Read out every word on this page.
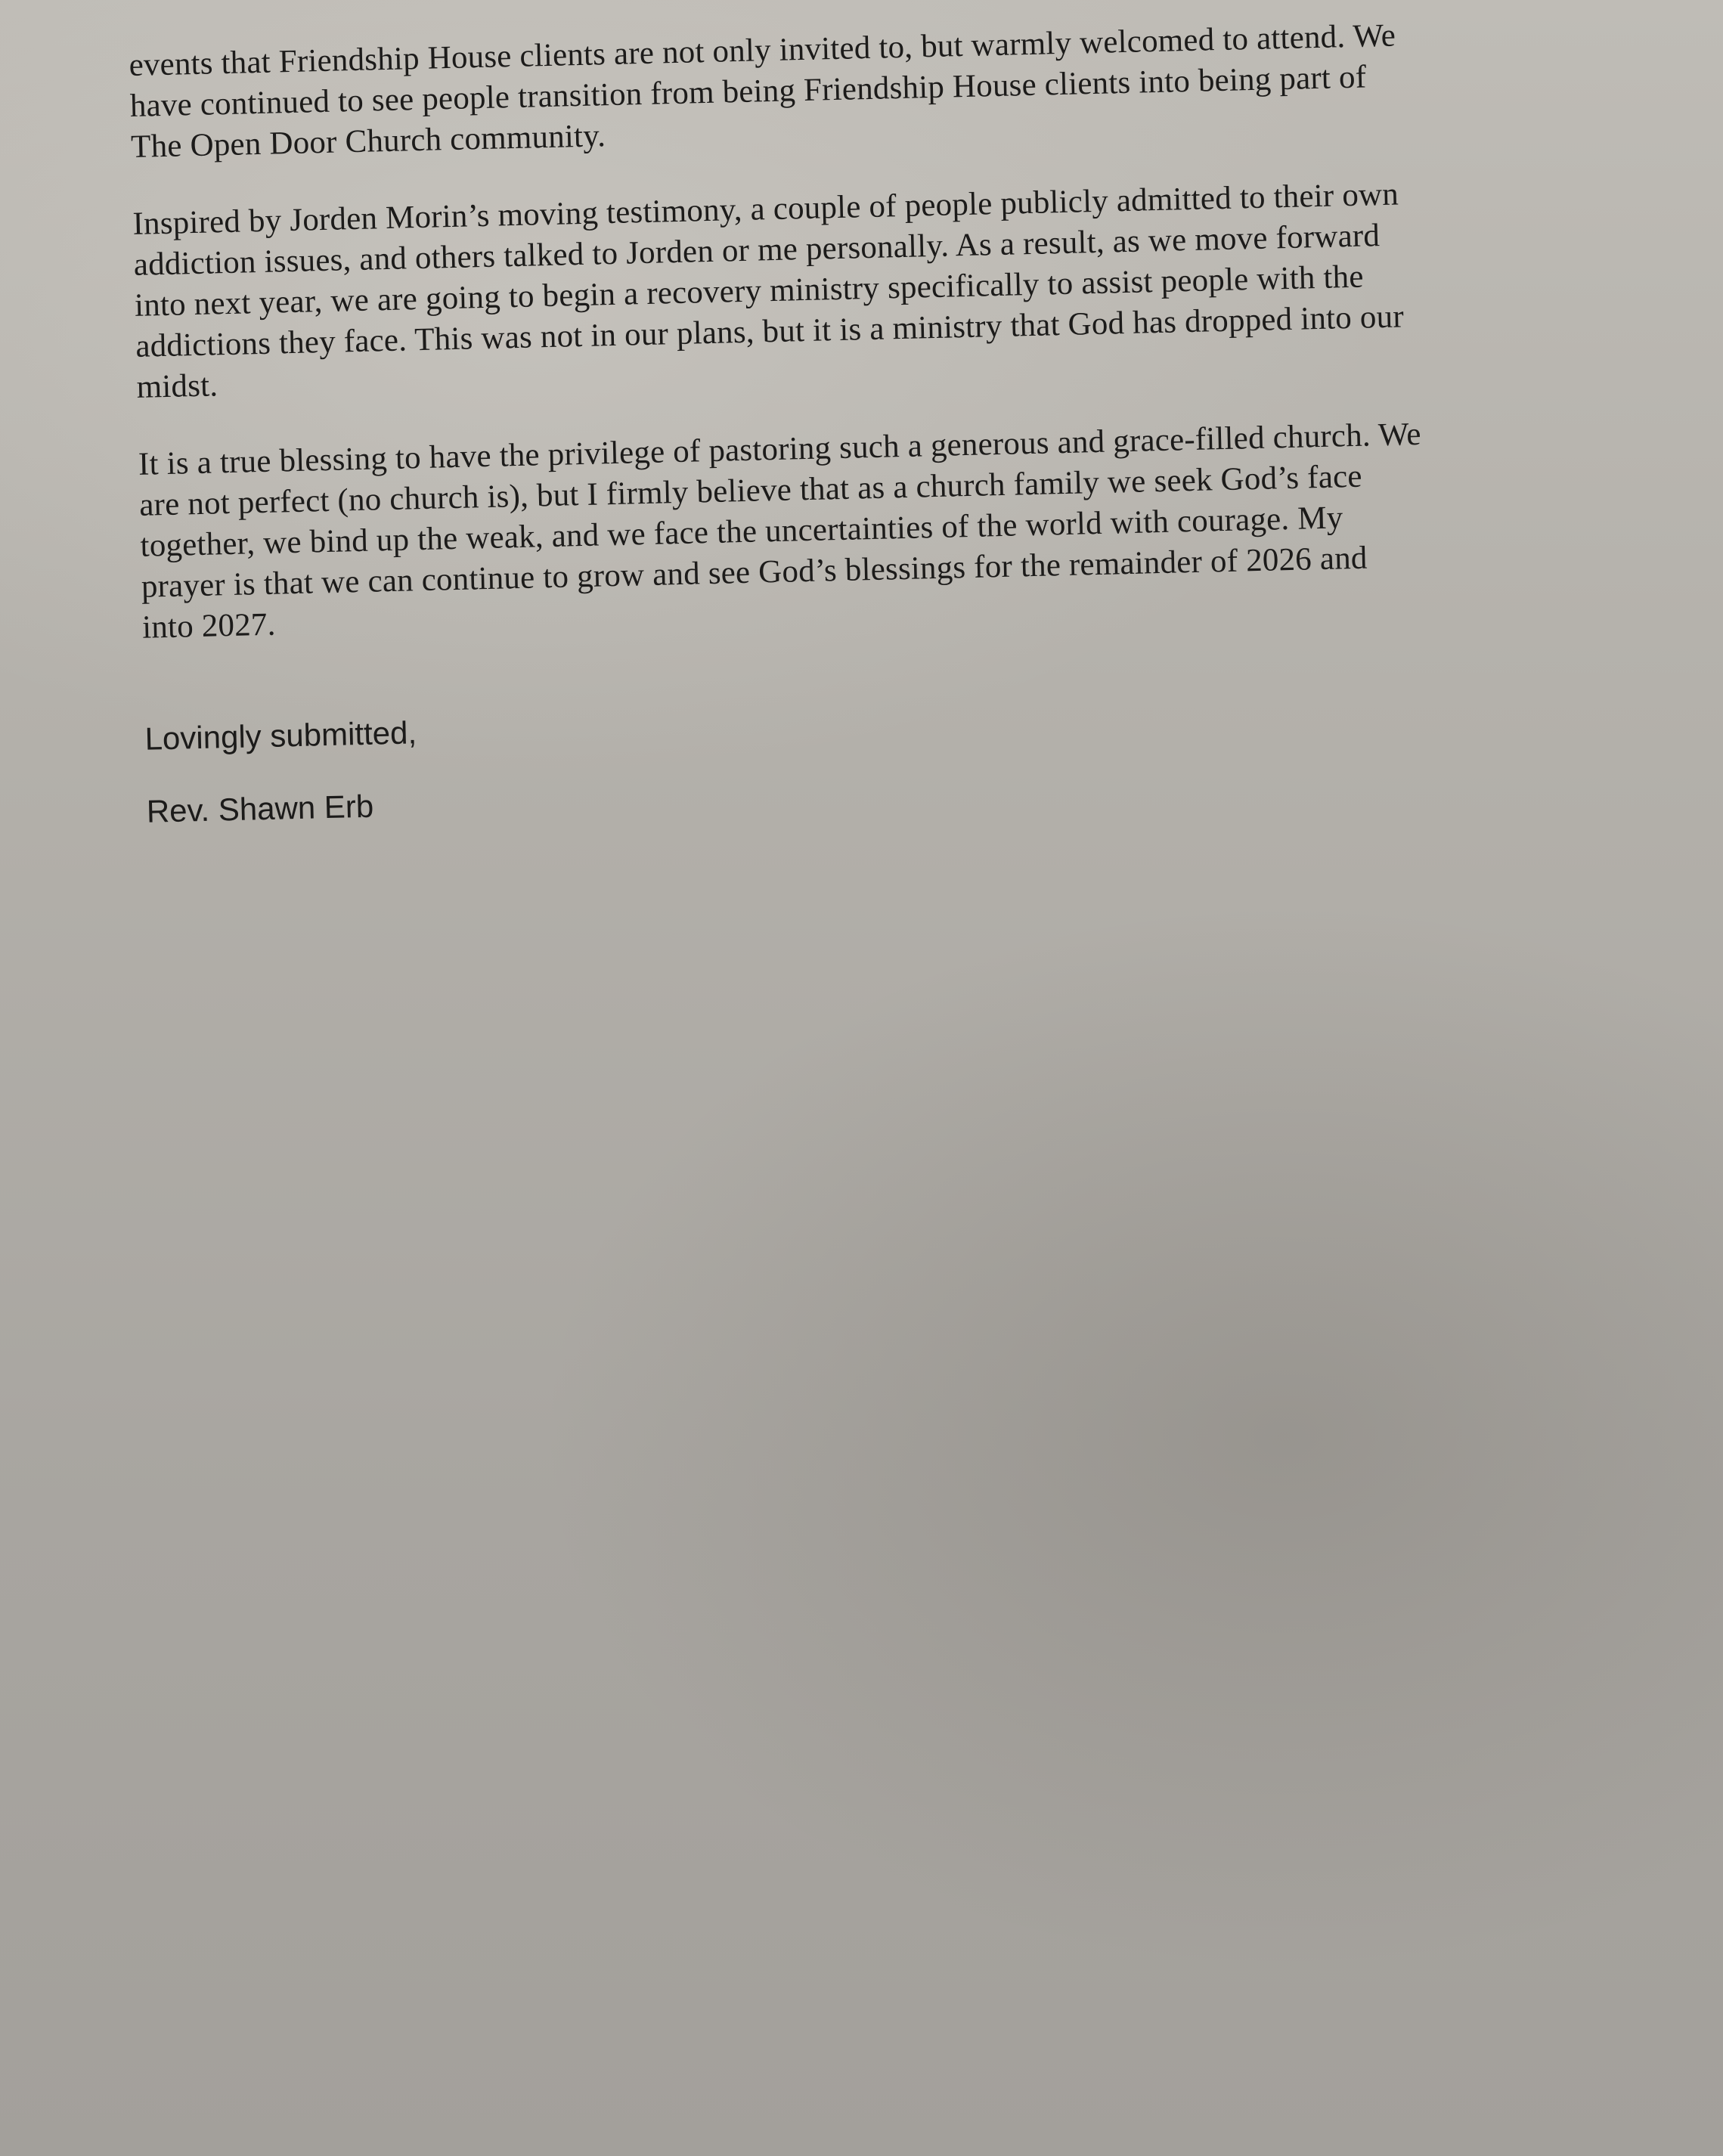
events that Friendship House clients are not only invited to, but warmly welcomed to attend. We
have continued to see people transition from being Friendship House clients into being part of
The Open Door Church community.

Inspired by Jorden Morin’s moving testimony, a couple of people publicly admitted to their own
addiction issues, and others talked to Jorden or me personally. As a result, as we move forward
into next year, we are going to begin a recovery ministry specifically to assist people with the
addictions they face. This was not in our plans, but it is a ministry that God has dropped into our
midst.

It is a true blessing to have the privilege of pastoring such a generous and grace-filled church. We
are not perfect (no church is), but I firmly believe that as a church family we seek God’s face
together, we bind up the weak, and we face the uncertainties of the world with courage. My
prayer is that we can continue to grow and see God’s blessings for the remainder of 2026 and
into 2027.

Lovingly submitted,

Rev. Shawn Erb
